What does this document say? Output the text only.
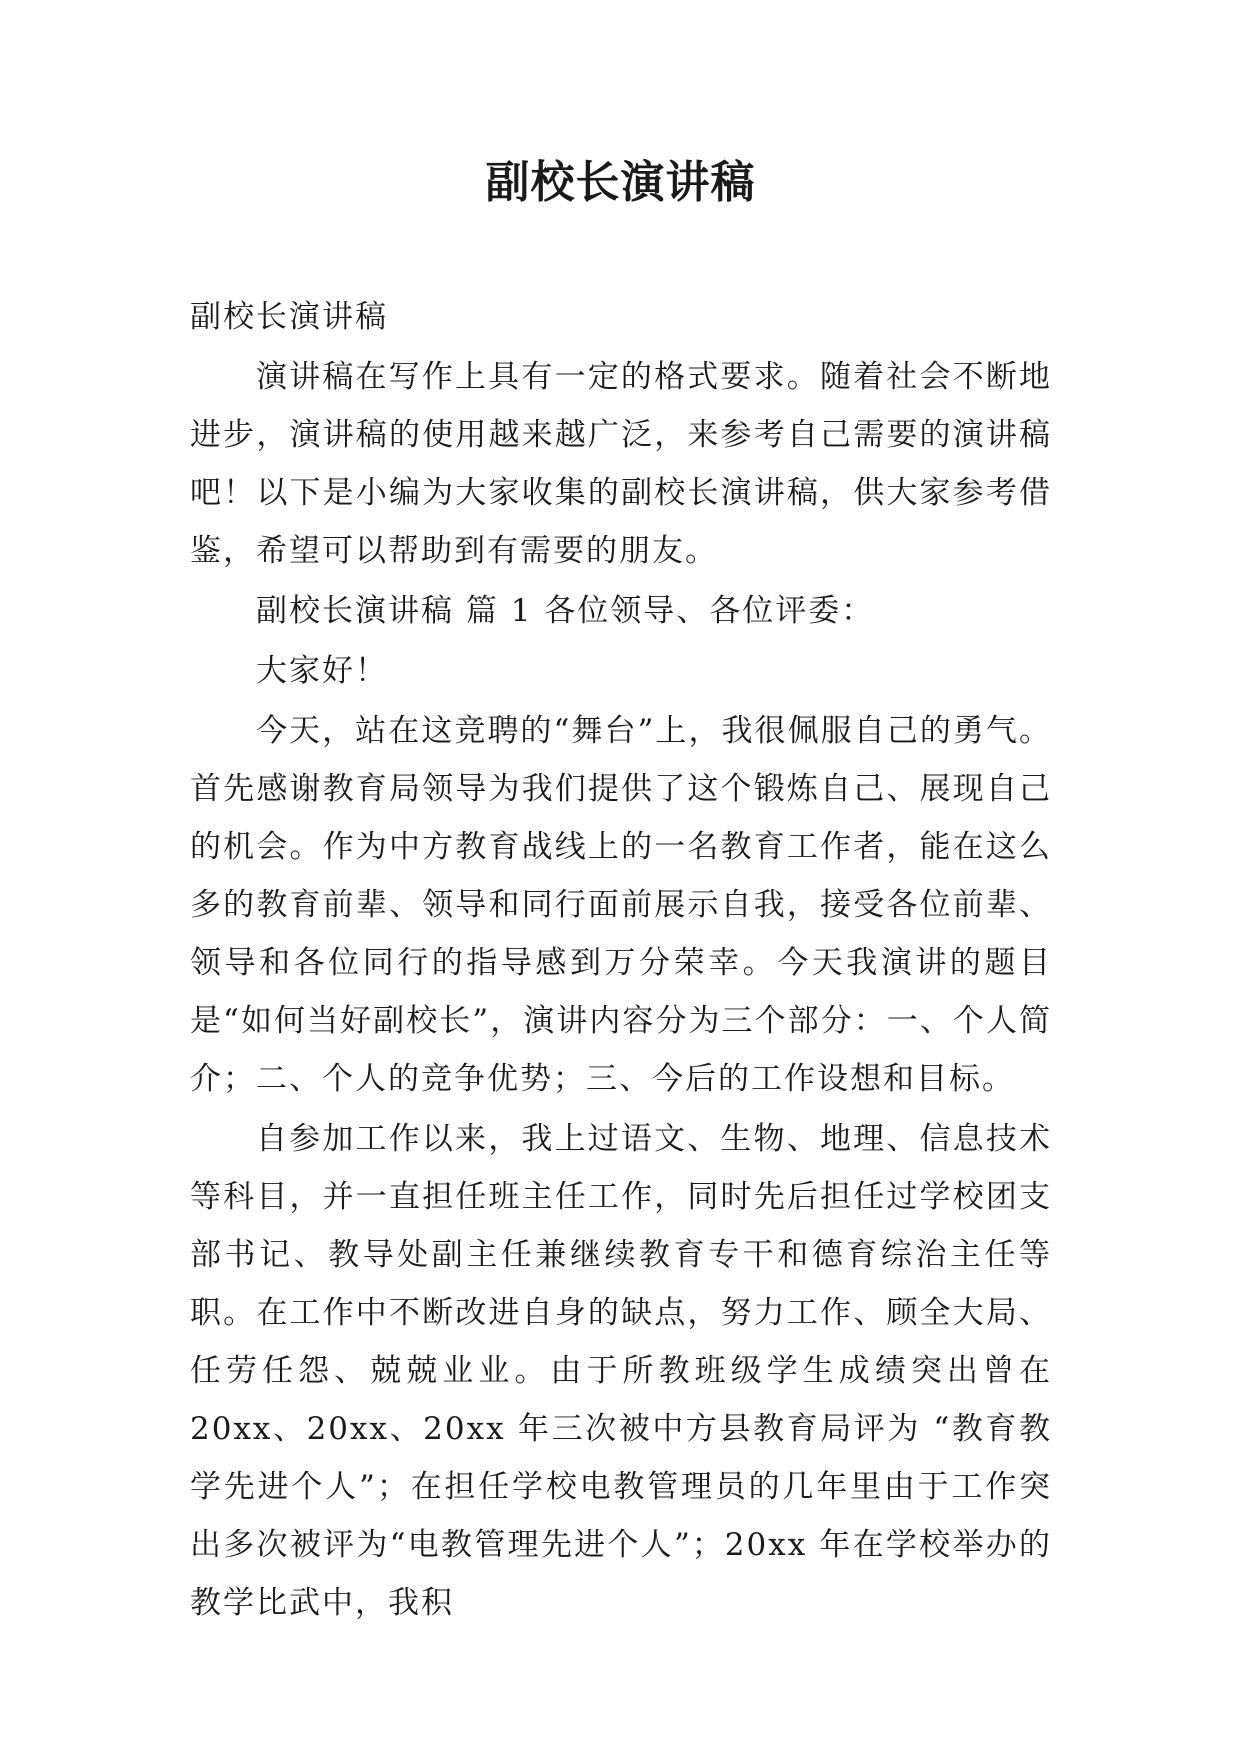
副校长演讲稿

副校长演讲稿

演讲稿在写作上具有一定的格式要求。随着社会不断地进步，演讲稿的使用越来越广泛，来参考自己需要的演讲稿吧！以下是小编为大家收集的副校长演讲稿，供大家参考借鉴，希望可以帮助到有需要的朋友。

副校长演讲稿 篇 1 各位领导、各位评委：

大家好！

今天，站在这竞聘的“舞台”上，我很佩服自己的勇气。首先感谢教育局领导为我们提供了这个锻炼自己、展现自己的机会。作为中方教育战线上的一名教育工作者，能在这么多的教育前辈、领导和同行面前展示自我，接受各位前辈、领导和各位同行的指导感到万分荣幸。今天我演讲的题目是“如何当好副校长”，演讲内容分为三个部分：一、个人简介；二、个人的竞争优势；三、今后的工作设想和目标。

自参加工作以来，我上过语文、生物、地理、信息技术等科目，并一直担任班主任工作，同时先后担任过学校团支部书记、教导处副主任兼继续教育专干和德育综治主任等职。在工作中不断改进自身的缺点，努力工作、顾全大局、任劳任怨、兢兢业业。由于所教班级学生成绩突出曾在 20xx、20xx、20xx 年三次被中方县教育局评为 “教育教学先进个人”；在担任学校电教管理员的几年里由于工作突出多次被评为“电教管理先进个人”；20xx 年在学校举办的教学比武中，我积
